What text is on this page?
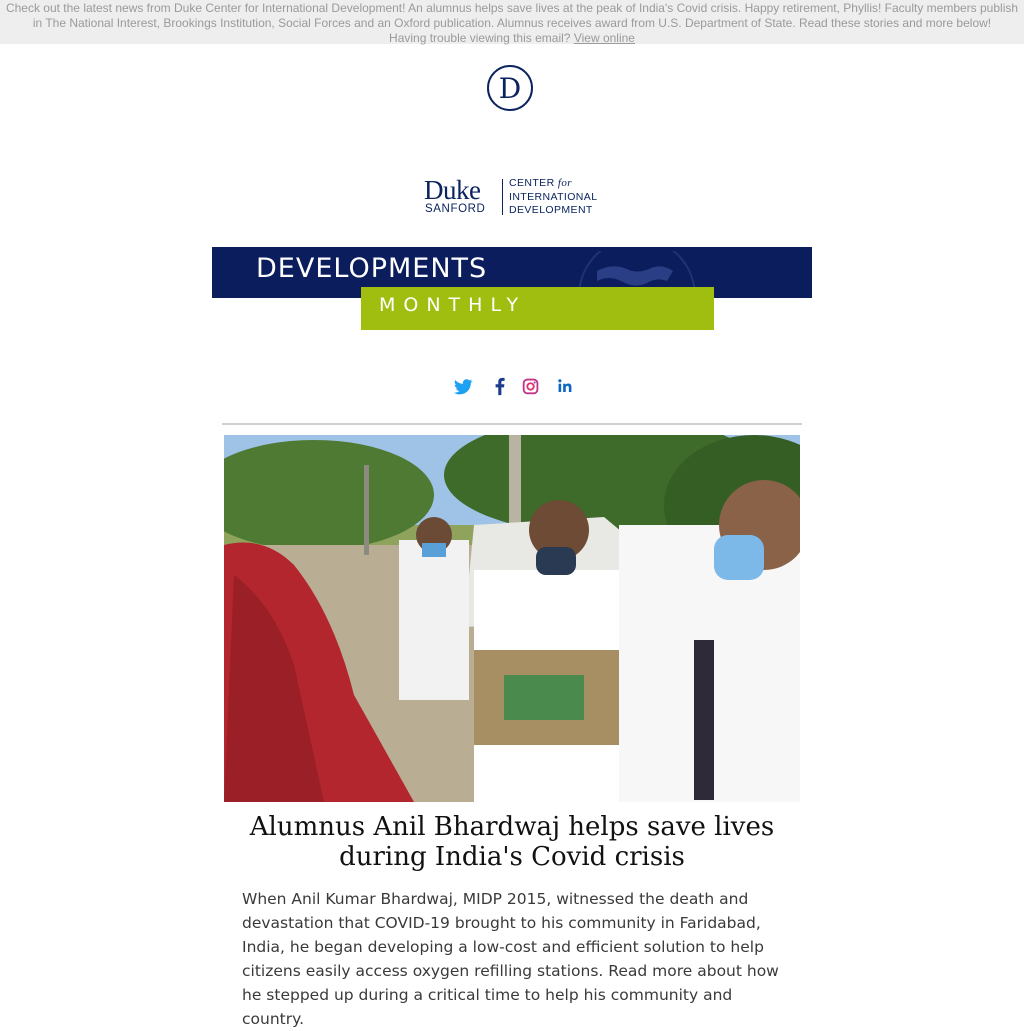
Check out the latest news from Duke Center for International Development! An alumnus helps save lives at the peak of India's Covid crisis. Happy retirement, Phyllis! Faculty members publish in The National Interest, Brookings Institution, Social Forces and an Oxford publication. Alumnus receives award from U.S. Department of State. Read these stories and more below!
Having trouble viewing this email? View online
D
Duke
SANFORD
CENTER for
INTERNATIONAL
DEVELOPMENT
DEVELOPMENTS
MONTHLY
Alumnus Anil Bhardwaj helps save lives during India's Covid crisis

When Anil Kumar Bhardwaj, MIDP 2015, witnessed the death and devastation that COVID-19 brought to his community in Faridabad, India, he began developing a low-cost and efficient solution to help citizens easily access oxygen refilling stations. Read more about how he stepped up during a critical time to help his community and country.
